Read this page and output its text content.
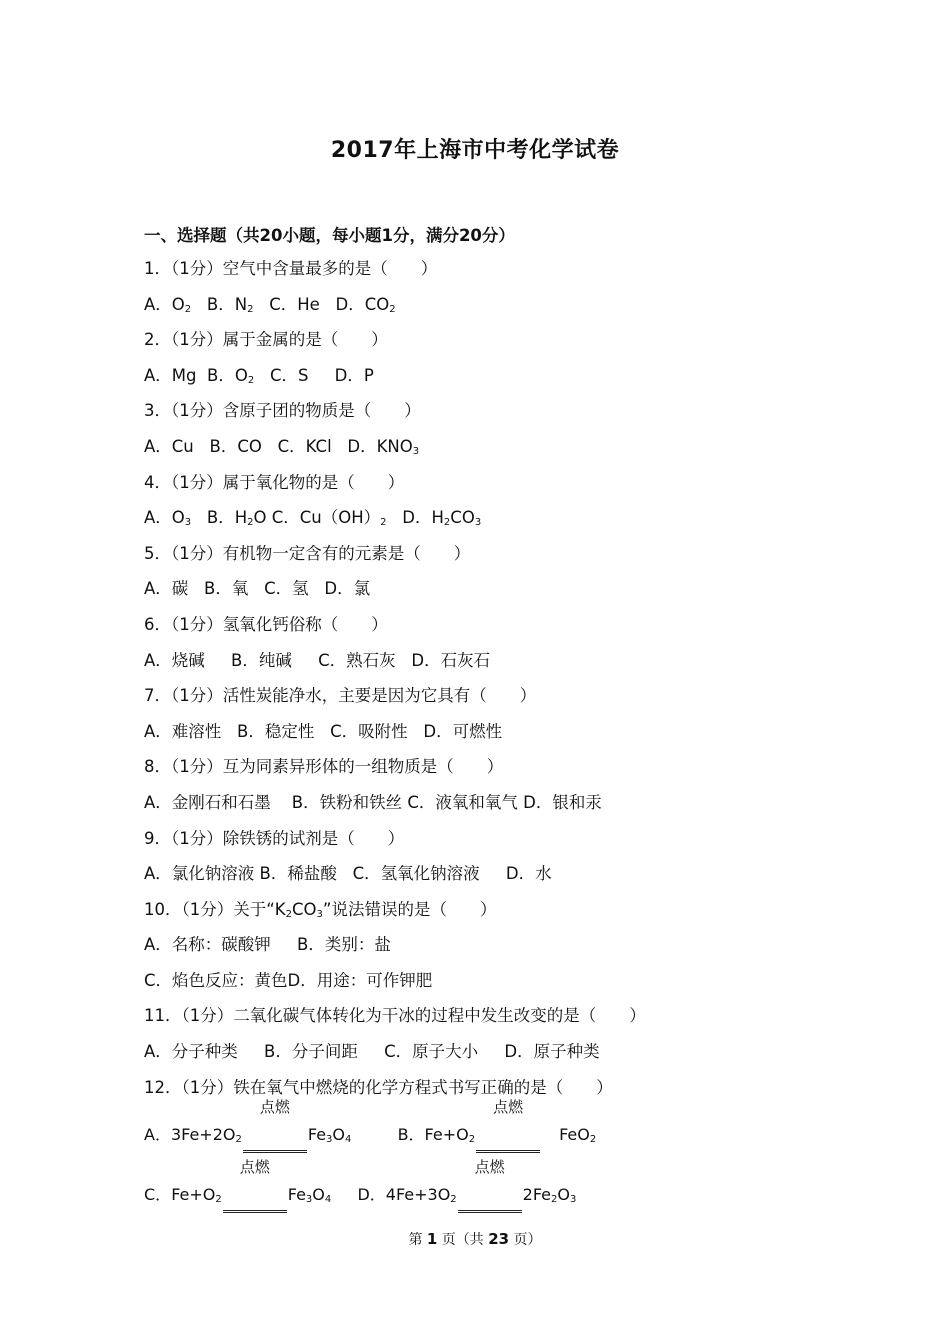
2017年上海市中考化学试卷
一、选择题（共20小题，每小题1分，满分20分）
1．（1分）空气中含量最多的是（　　）
A．$O_2$ B．$N_2$ C．He D．$CO_2$
2．（1分）属于金属的是（　　）
A．Mg B．$O_2$ C．S D．P
3．（1分）含原子团的物质是（　　）
A．Cu B．CO C．KCl D．$KNO_3$
4．（1分）属于氧化物的是（　　）
A．$O_3$ B．$H_2O$ C．$Cu(OH)_2$ D．$H_2CO_3$
5．（1分）有机物一定含有的元素是（　　）
A．碳 B．氧 C．氢 D．氯
6．（1分）氢氧化钙俗称（　　）
A．烧碱 B．纯碱 C．熟石灰 D．石灰石
7．（1分）活性炭能净水，主要是因为它具有（　　）
A．难溶性 B．稳定性 C．吸附性 D．可燃性
8．（1分）互为同素异形体的一组物质是（　　）
A．金刚石和石墨 B．铁粉和铁丝 C．液氧和氧气 D．银和汞
9．（1分）除铁锈的试剂是（　　）
A．氯化钠溶液 B．稀盐酸 C．氢氧化钠溶液 D．水
10．（1分）关于“$K_2CO_3$”说法错误的是（　　）
A．名称：碳酸钾 B．类别：盐
C．焰色反应：黄色D．用途：可作钾肥
11．（1分）二氧化碳气体转化为干冰的过程中发生改变的是（　　）
A．分子种类 B．分子间距 C．原子大小 D．原子种类
12．（1分）铁在氧气中燃烧的化学方程式书写正确的是（　　）
A．$3Fe+2O_2$
点燃
$Fe_3O_4$	B．$Fe+O_2$
点燃
FeO$_2$
C．$Fe+O_2$
点燃
$Fe_3O_4$ D．$4Fe+3O_2$
点燃
$2Fe_2O_3$
第 1 页（共 23 页）
